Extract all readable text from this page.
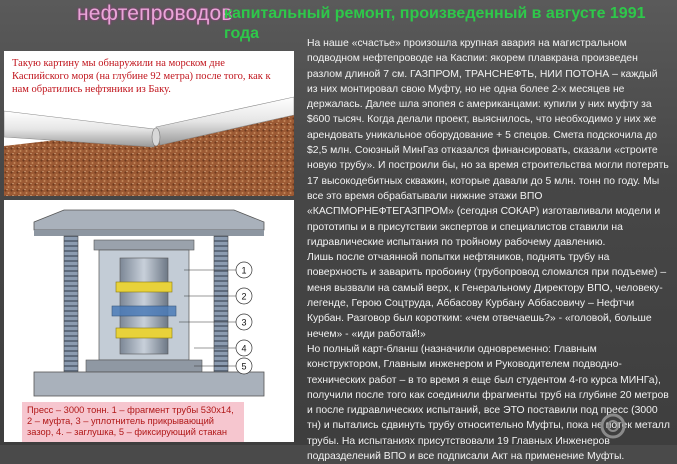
нефтепроводов
капитальный ремонт, произведенный в августе 1991 года
Такую картину мы обнаружили на морском дне Каспийского моря (на глубине 92 метра) после того, как к нам обратились нефтяники из Баку.
1
2
3
4
5
Пресс – 3000 тонн. 1 – фрагмент трубы 530х14, 2 – муфта, 3 – уплотнитель прикрывающий зазор, 4. – заглушка, 5 – фиксирующий стакан
На наше «счастье» произошла крупная авария на магистральном подводном нефтепроводе на Каспии: якорем плавкрана произведен разлом длиной 7 см. ГАЗПРОМ, ТРАНСНЕФТЬ, НИИ ПОТОНА – каждый из них монтировал свою Муфту, но не одна более 2-х месяцев не держалась. Далее шла эпопея с американцами: купили у них муфту за $600 тысяч. Когда делали проект, выяснилось, что необходимо у них же арендовать уникальное оборудование + 5 спецов. Смета подскочила до $2,5 млн. Союзный МинГаз отказался финансировать, сказали «строите новую трубу». И построили бы, но за время строительства могли потерять 17 высокодебитных скважин, которые давали до 5 млн. тонн по году. Мы все это время обрабатывали нижние этажи ВПО «КАСПМОРНЕФТЕГАЗПРОМ» (сегодня СОКАР) изготавливали модели и прототипы и в присутствии экспертов и специалистов ставили на гидравлические испытания по тройному рабочему давлению.
Лишь после отчаянной попытки нефтяников, поднять трубу на поверхность и заварить пробоину (трубопровод сломался при подъеме) – меня вызвали на самый верх, к Генеральному Директору ВПО, человеку-легенде, Герою Соцтруда, Аббасову Курбану Аббасовичу – Нефтчи Курбан. Разговор был коротким: «чем отвечаешь?» - «головой, больше нечем» - «иди работай!»
Но полный карт-бланш (назначили одновременно: Главным конструктором, Главным инженером и Руководителем подводно-технических работ – в то время я еще был студентом 4-го курса МИНГа), получили после того как соединили фрагменты труб на глубине 20 метров и после гидравлических испытаний, все ЭТО поставили под пресс (3000 тн) и пытались сдвинуть трубу относительно Муфты, пока не потек металл трубы. На испытаниях присутствовали 19 Главных Инженеров подразделений ВПО и все подписали Акт на применение Муфты.
